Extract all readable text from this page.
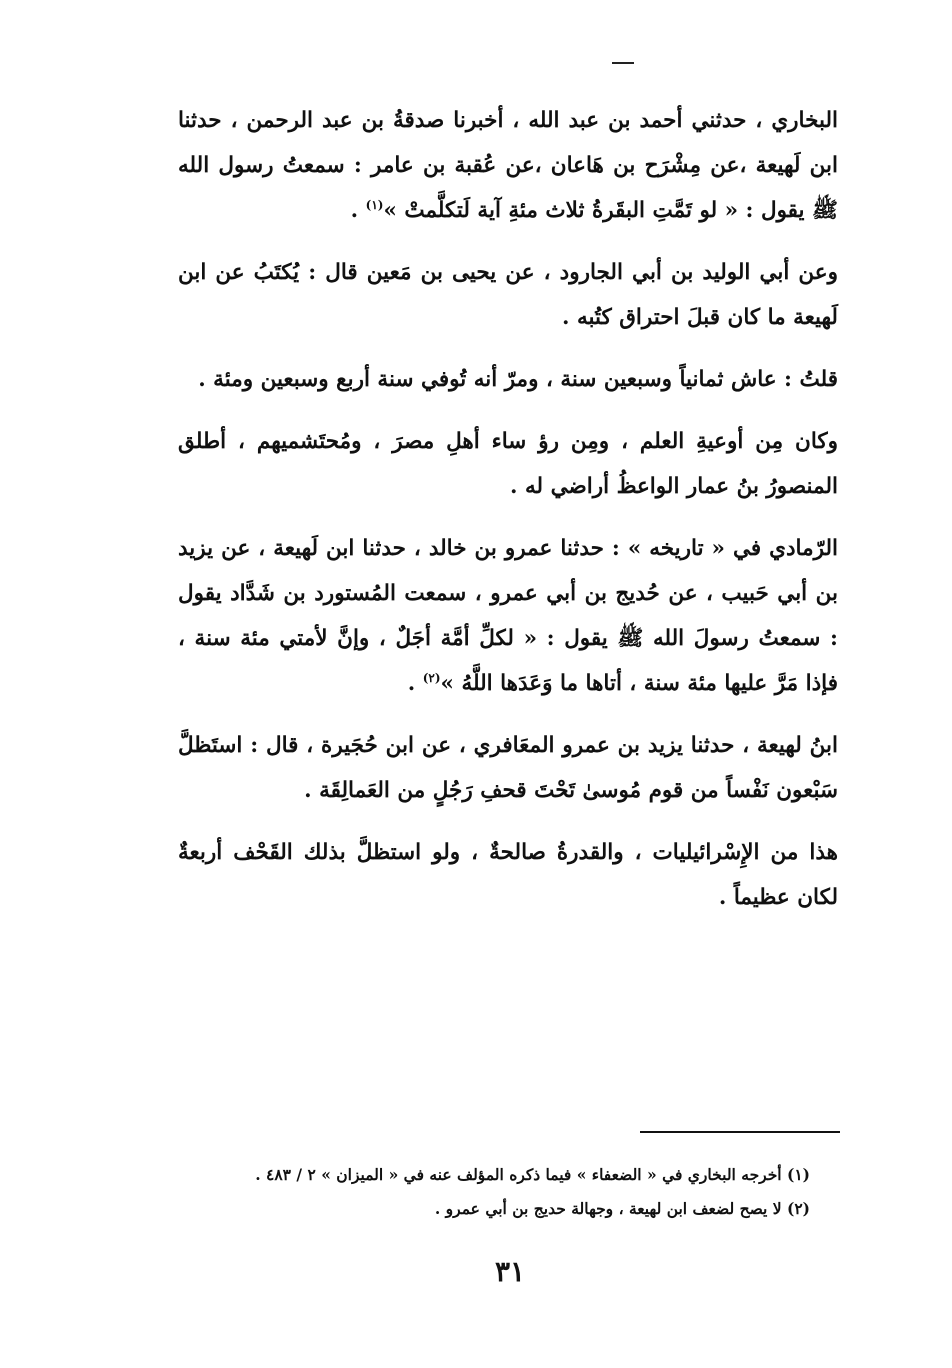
البخاري ، حدثني أحمد بن عبد الله ، أخبرنا صدقةُ بن عبد الرحمن ، حدثنا ابن لَهيعة ،عن مِشْرَح بن هَاعان ،عن عُقبة بن عامر : سمعتُ رسول الله ﷺ يقول : « لو تَمَّتِ البقَرةُ ثلاث مئةِ آية لَتكلَّمتْ »$^{(١)}$ .

وعن أبي الوليد بن أبي الجارود ، عن يحيى بن مَعين قال : يُكتَبُ عن ابن لَهيعة ما كان قبلَ احتراق كتُبه .

قلتُ : عاش ثمانياً وسبعين سنة ، ومرّ أنه تُوفي سنة أربع وسبعين ومئة .

وكان مِن أوعيةِ العلم ، ومِن رؤ ساء أهلِ مصرَ ، ومُحتَشميهم ، أطلق المنصورُ بنُ عمار الواعظُ أراضي له .

الرّمادي في « تاريخه » : حدثنا عمرو بن خالد ، حدثنا ابن لَهيعة ، عن يزيد بن أبي حَبيب ، عن حُديج بن أبي عمرو ، سمعت المُستورد بن شَدَّاد يقول : سمعتُ رسولَ الله ﷺ يقول : « لكلِّ أمَّة أجَلٌ ، وإنَّ لأمتي مئة سنة ، فإذا مَرَّ عليها مئة سنة ، أتاها ما وَعَدَها اللَّهُ »$^{(٢)}$ .

ابنُ لهيعة ، حدثنا يزيد بن عمرو المعَافري ، عن ابن حُجَيرة ، قال : استَظلَّ سَبْعون نَفْساً من قوم مُوسىٰ تَحْتَ قحفِ رَجُلٍ من العَمالِقَة .

هذا من الإِسْرائيليات ، والقدرةُ صالحةٌ ، ولو استظلَّ بذلك القَحْف أربعةٌ لكان عظيماً .

(١) أخرجه البخاري في « الضعفاء » فيما ذكره المؤلف عنه في « الميزان » ٢ / ٤٨٣ .

(٢) لا يصح لضعف ابن لهيعة ، وجهالة حديج بن أبي عمرو .

٣١
